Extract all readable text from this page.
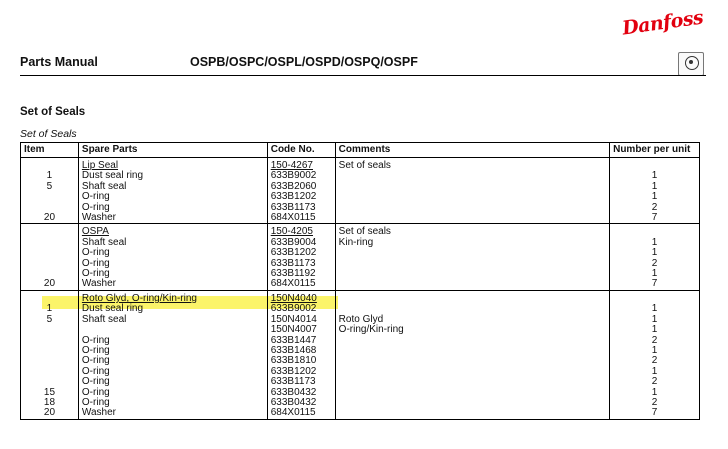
Danfoss
Parts Manual	OSPB/OSPC/OSPL/OSPD/OSPQ/OSPF
Set of Seals
Set of Seals
Item	Spare Parts	Code No.	Comments	Number per unit
	Lip Seal	150-4267	Set of seals	
1	Dust seal ring	633B9002		1
5	Shaft seal	633B2060		1
	O-ring	633B1202		1
	O-ring	633B1173		2
20	Washer	684X0115		7
	OSPA	150-4205	Set of seals	
	Shaft seal	633B9004	Kin-ring	1
	O-ring	633B1202		1
	O-ring	633B1173		2
	O-ring	633B1192		1
20	Washer	684X0115		7
	Roto Glyd, O-ring/Kin-ring	150N4040		
1	Dust seal ring	633B9002		1
5	Shaft seal	150N4014	Roto Glyd	1
		150N4007	O-ring/Kin-ring	1
	O-ring	633B1447		2
	O-ring	633B1468		1
	O-ring	633B1810		2
	O-ring	633B1202		1
	O-ring	633B1173		2
15	O-ring	633B0432		1
18	O-ring	633B0432		2
20	Washer	684X0115		7
